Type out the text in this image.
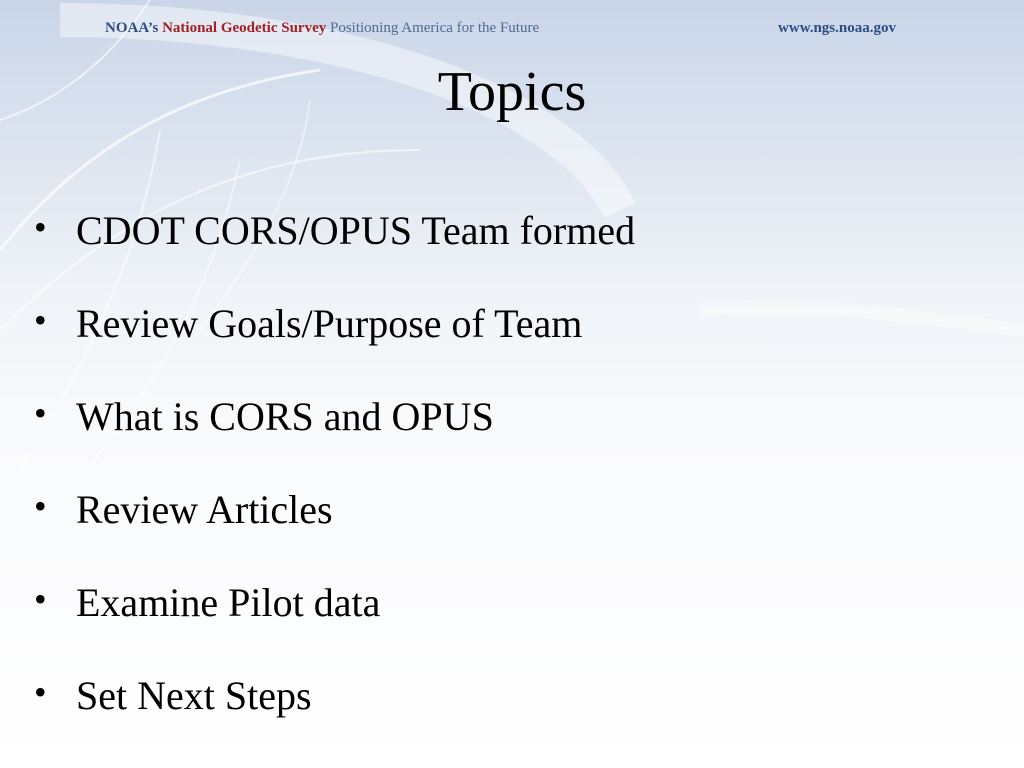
NOAA’s National Geodetic Survey Positioning America for the Future	www.ngs.noaa.gov
Topics
• CDOT CORS/OPUS Team formed
• Review Goals/Purpose of Team
• What is CORS and OPUS
• Review Articles
• Examine Pilot data
• Set Next Steps
